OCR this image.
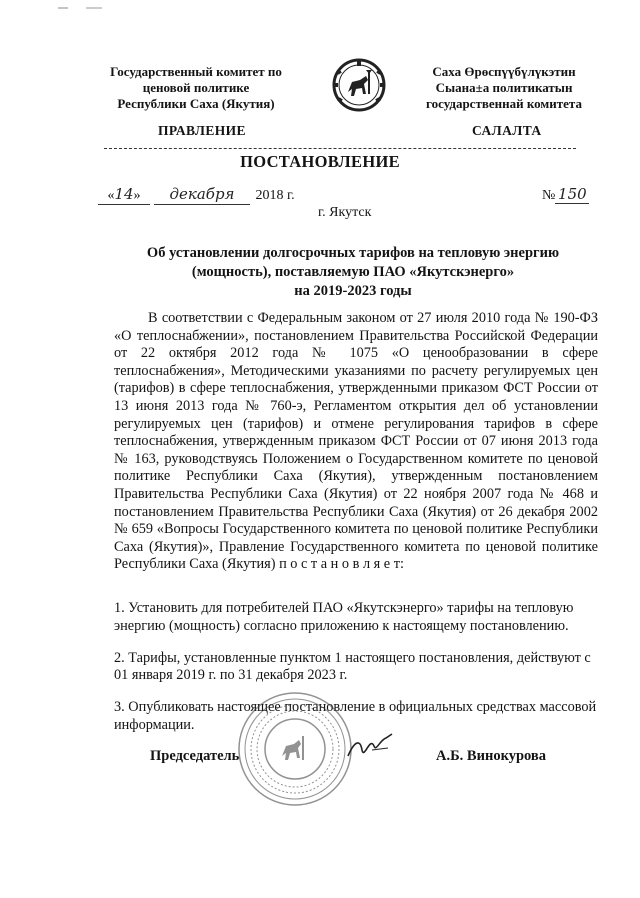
Государственный комитет по
ценовой политике
Республики Саха (Якутия)
Саха Өрөспүүбүлүкэтин
Сыана±а политикатын
государственнай комитета
ПРАВЛЕНИЕ	САЛАЛТА
ПОСТАНОВЛЕНИЕ
«14» декабря 2018 г.	№ 150
г. Якутск
Об установлении долгосрочных тарифов на тепловую энергию
(мощность), поставляемую ПАО «Якутскэнерго»
на 2019-2023 годы

В соответствии с Федеральным законом от 27 июля 2010 года № 190-ФЗ «О теплоснабжении», постановлением Правительства Российской Федерации от 22 октября 2012 года № 1075 «О ценообразовании в сфере теплоснабжения», Методическими указаниями по расчету регулируемых цен (тарифов) в сфере теплоснабжения, утвержденными приказом ФСТ России от 13 июня 2013 года № 760-э, Регламентом открытия дел об установлении регулируемых цен (тарифов) и отмене регулирования тарифов в сфере теплоснабжения, утвержденным приказом ФСТ России от 07 июня 2013 года № 163, руководствуясь Положением о Государственном комитете по ценовой политике Республики Саха (Якутия), утвержденным постановлением Правительства Республики Саха (Якутия) от 22 ноября 2007 года № 468 и постановлением Правительства Республики Саха (Якутия) от 26 декабря 2002 № 659 «Вопросы Государственного комитета по ценовой политике Республики Саха (Якутия)», Правление Государственного комитета по ценовой политике Республики Саха (Якутия) п о с т а н о в л я е т:

1. Установить для потребителей ПАО «Якутскэнерго» тарифы на тепловую энергию (мощность) согласно приложению к настоящему постановлению.

2. Тарифы, установленные пунктом 1 настоящего постановления, действуют с 01 января 2019 г. по 31 декабря 2023 г.

3. Опубликовать настоящее постановление в официальных средствах массовой информации.

Председатель	А.Б. Винокурова
